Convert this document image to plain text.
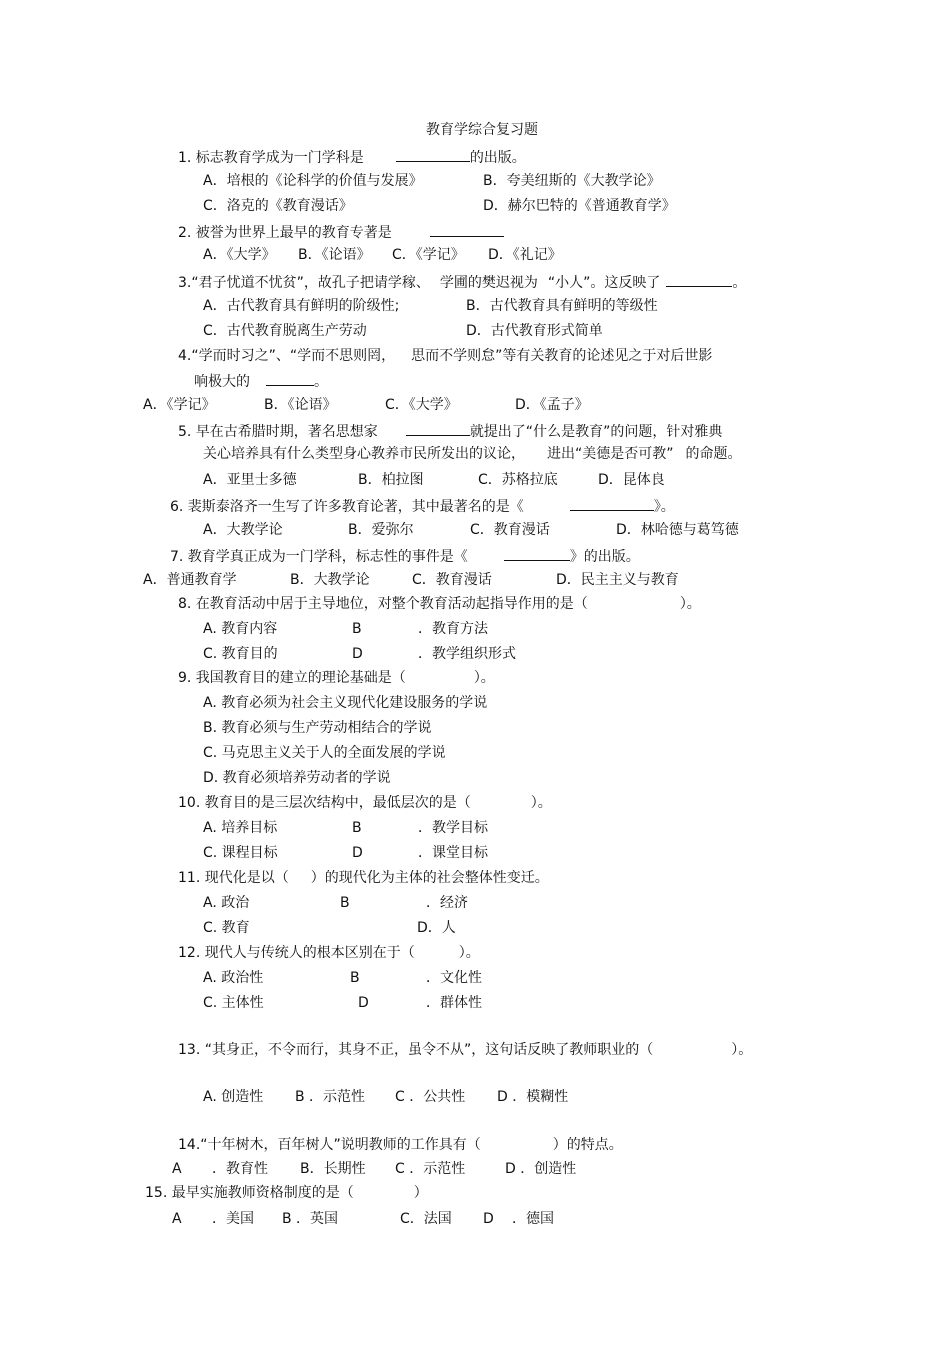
教育学综合复习题
1. 标志教育学成为一门学科是	的出版。
A．培根的《论科学的价值与发展》	B．夸美纽斯的《大教学论》
C．洛克的《教育漫话》	D．赫尔巴特的《普通教育学》
2. 被誉为世界上最早的教育专著是
A．《大学》 B．《论语》 C．《学记》 D．《礼记》
3.“君子忧道不忧贫”，故孔子把请学稼、 学圃的樊迟视为 “小人”。这反映了	。
A．古代教育具有鲜明的阶级性;	B．古代教育具有鲜明的等级性
C．古代教育脱离生产劳动	D．古代教育形式简单
4.“学而时习之”、“学而不思则罔， 思而不学则怠”等有关教育的论述见之于对后世影
响极大的	。
A．《学记》	B．《论语》	C．《大学》	D．《孟子》
5. 早在古希腊时期，著名思想家	就提出了“什么是教育”的问题，针对雅典
关心培养具有什么类型身心教养市民所发出的议论， 进出“美德是否可教” 的命题。
A．亚里士多德	B．柏拉图	C．苏格拉底	D．昆体良
6. 裴斯泰洛齐一生写了许多教育论著，其中最著名的是《	》。
A．大教学论	B．爱弥尔	C．教育漫话	D．林哈德与葛笃德
7. 教育学真正成为一门学科，标志性的事件是《	》的出版。
A．普通教育学	B．大教学论	C．教育漫话	D．民主主义与教育
8. 在教育活动中居于主导地位，对整个教育活动起指导作用的是（	）。
A. 教育内容	B	．教育方法
C. 教育目的	D	．教学组织形式
9. 我国教育目的建立的理论基础是（	）。
A. 教育必须为社会主义现代化建设服务的学说
B. 教育必须与生产劳动相结合的学说
C. 马克思主义关于人的全面发展的学说
D. 教育必须培养劳动者的学说
10. 教育目的是三层次结构中，最低层次的是（	）。
A. 培养目标	B	．教学目标
C. 课程目标	D	．课堂目标
11. 现代化是以（ ）的现代化为主体的社会整体性变迁。
A. 政治	B	．经济
C. 教育	D．人
12. 现代人与传统人的根本区别在于（	）。
A. 政治性	B	．文化性
C. 主体性	D	．群体性
13. “其身正，不令而行，其身不正，虽令不从”，这句话反映了教师职业的（	）。
A. 创造性 B ．示范性 C ．公共性 D ．模糊性
14.“十年树木，百年树人”说明教师的工作具有（	）的特点。
A ．教育性 B．长期性 C ．示范性	D ．创造性
15. 最早实施教师资格制度的是（	）
A ．美国 B ．英国	C．法国 D ．德国
